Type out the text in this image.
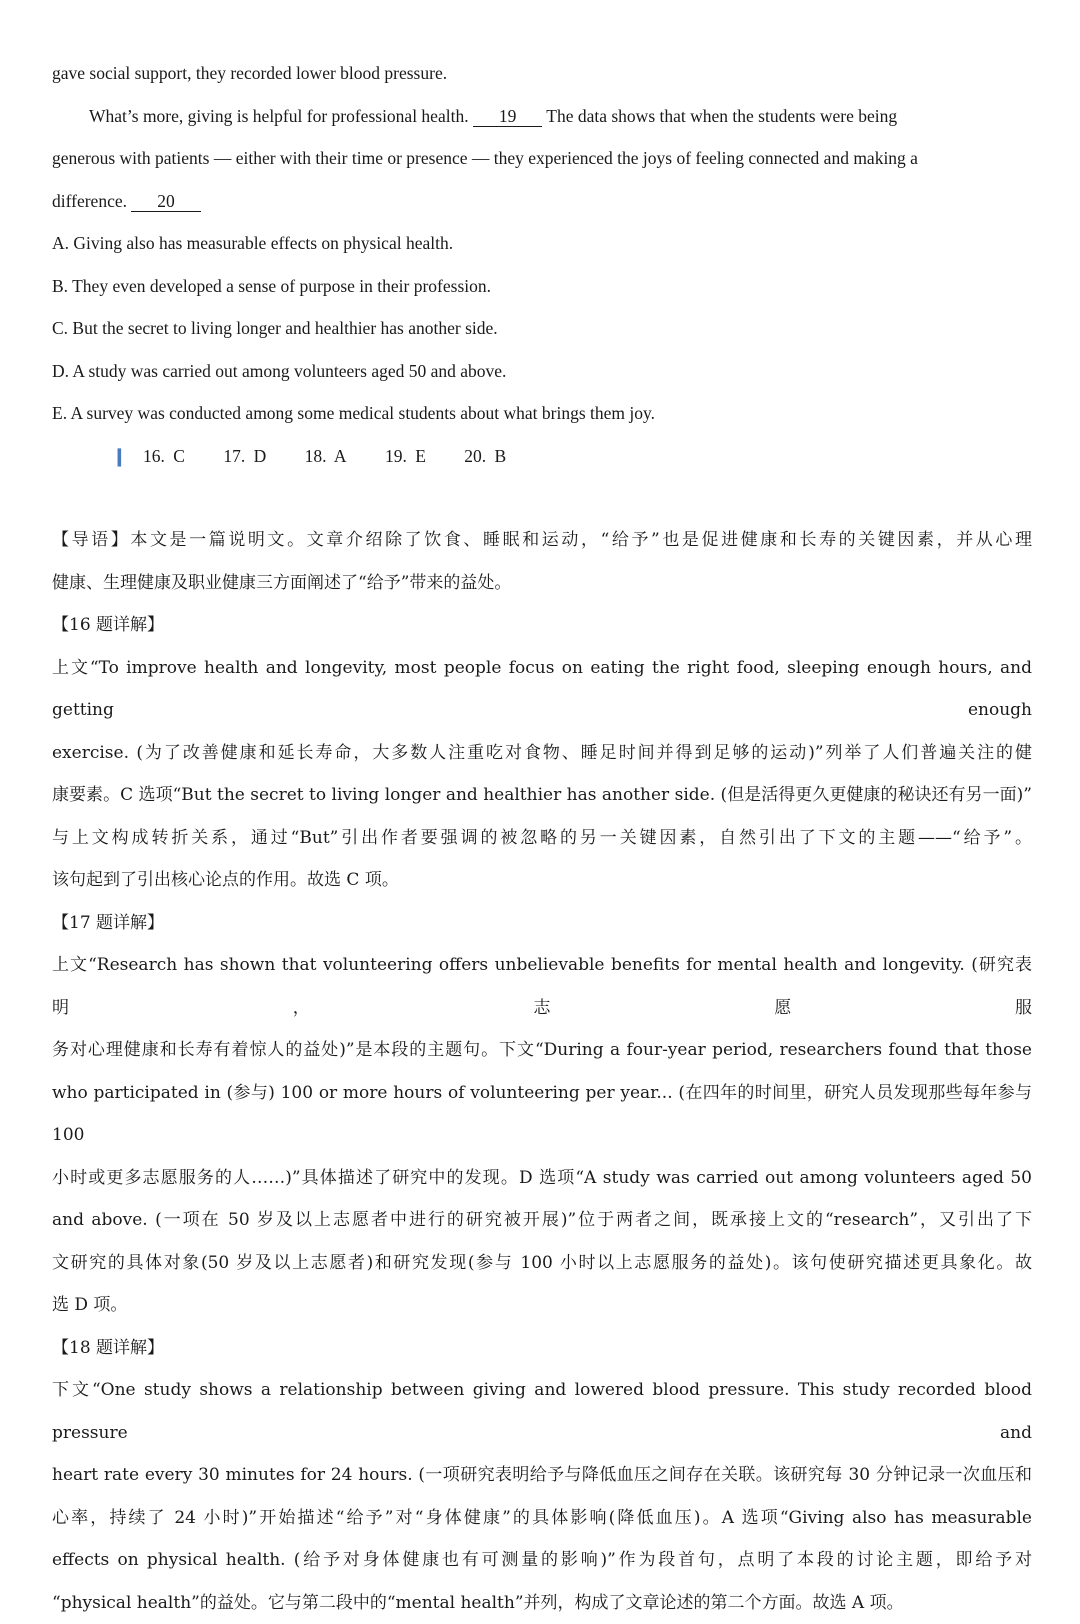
gave social support, they recorded lower blood pressure.

What’s more, giving is helpful for professional health. 19 The data shows that when the students were being

generous with patients — either with their time or presence — they experienced the joys of feeling connected and making a

difference. 20

A. Giving also has measurable effects on physical health.

B. They even developed a sense of purpose in their profession.

C. But the secret to living longer and healthier has another side.

D. A study was carried out among volunteers aged 50 and above.

E. A survey was conducted among some medical students about what brings them joy.

❙ 16. C 17. D 18. A 19. E 20. B

【导语】本文是一篇说明文。文章介绍除了饮食、睡眠和运动，“给予”也是促进健康和长寿的关键因素，并从心理

健康、生理健康及职业健康三方面阐述了“给予”带来的益处。

【16 题详解】

上文“To improve health and longevity, most people focus on eating the right food, sleeping enough hours, and getting enough

exercise. (为了改善健康和延长寿命，大多数人注重吃对食物、睡足时间并得到足够的运动)”列举了人们普遍关注的健

康要素。C 选项“But the secret to living longer and healthier has another side. (但是活得更久更健康的秘诀还有另一面)”

与上文构成转折关系，通过“But”引出作者要强调的被忽略的另一关键因素，自然引出了下文的主题——“给予”。

该句起到了引出核心论点的作用。故选 C 项。

【17 题详解】

上文“Research has shown that volunteering offers unbelievable benefits for mental health and longevity. (研究表明，志愿服

务对心理健康和长寿有着惊人的益处)”是本段的主题句。下文“During a four-year period, researchers found that those

who participated in (参与) 100 or more hours of volunteering per year... (在四年的时间里，研究人员发现那些每年参与 100

小时或更多志愿服务的人……)”具体描述了研究中的发现。D 选项“A study was carried out among volunteers aged 50

and above. (一项在 50 岁及以上志愿者中进行的研究被开展)”位于两者之间，既承接上文的“research”，又引出了下

文研究的具体对象(50 岁及以上志愿者)和研究发现(参与 100 小时以上志愿服务的益处)。该句使研究描述更具象化。故

选 D 项。

【18 题详解】

下文“One study shows a relationship between giving and lowered blood pressure. This study recorded blood pressure and

heart rate every 30 minutes for 24 hours. (一项研究表明给予与降低血压之间存在关联。该研究每 30 分钟记录一次血压和

心率，持续了 24 小时)”开始描述“给予”对“身体健康”的具体影响(降低血压)。A 选项“Giving also has measurable

effects on physical health. (给予对身体健康也有可测量的影响)”作为段首句，点明了本段的讨论主题，即给予对

“physical health”的益处。它与第二段中的“mental health”并列，构成了文章论述的第二个方面。故选 A 项。
